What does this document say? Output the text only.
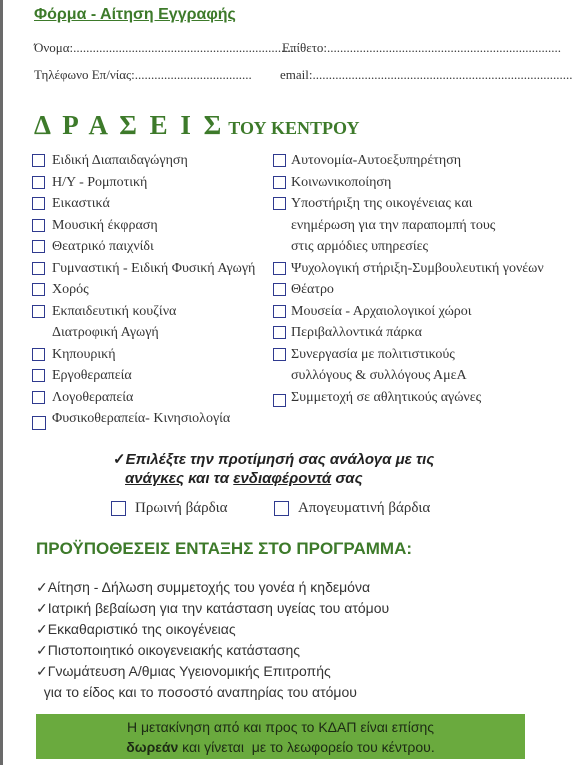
Φόρμα - Αίτηση Εγγραφής
Όνομα:....................................................................
Επίθετο:........................................................................
Τηλέφωνο Επ/νίας:....................................	email:................................................................................
Δ Ρ Α Σ Ε Ι Σ ΤΟΥ ΚΕΝΤΡΟΥ
Ειδική Διαπαιδαγώγηση
Η/Υ - Ρομποτική
Εικαστικά
Μουσική έκφραση
Θεατρικό παιχνίδι
Γυμναστική - Ειδική Φυσική Αγωγή
Χορός
Εκπαιδευτική κουζίνα
Διατροφική Αγωγή
Κηπουρική
Εργοθεραπεία
Λογοθεραπεία
Φυσικοθεραπεία- Κινησιολογία
Αυτονομία-Αυτοεξυπηρέτηση
Κοινωνικοποίηση
Υποστήριξη της οικογένειας και
ενημέρωση για την παραπομπή τους
στις αρμόδιες υπηρεσίες
Ψυχολογική στήριξη-Συμβουλευτική γονέων
Θέατρο
Μουσεία - Αρχαιολογικοί χώροι
Περιβαλλοντικά πάρκα
Συνεργασία με πολιτιστικούς
συλλόγους & συλλόγους ΑμεΑ
Συμμετοχή σε αθλητικούς αγώνες
✓Επιλέξτε την προτίμησή σας ανάλογα με τις
ανάγκες και τα ενδιαφέροντά σας
Πρωινή βάρδια	Απογευματινή βάρδια
ΠΡΟΫΠΟΘΕΣΕΙΣ ΕΝΤΑΞΗΣ ΣΤΟ ΠΡΟΓΡΑΜΜΑ:
✓Αίτηση - Δήλωση συμμετοχής του γονέα ή κηδεμόνα
✓Ιατρική βεβαίωση για την κατάσταση υγείας του ατόμου
✓Εκκαθαριστικό της οικογένειας
✓Πιστοποιητικό οικογενειακής κατάστασης
✓Γνωμάτευση Α/θμιας Υγειονομικής Επιτροπής
για το είδος και το ποσοστό αναπηρίας του ατόμου
Η μετακίνηση από και προς το ΚΔΑΠ είναι επίσης
δωρεάν και γίνεται  με το λεωφορείο του κέντρου.
